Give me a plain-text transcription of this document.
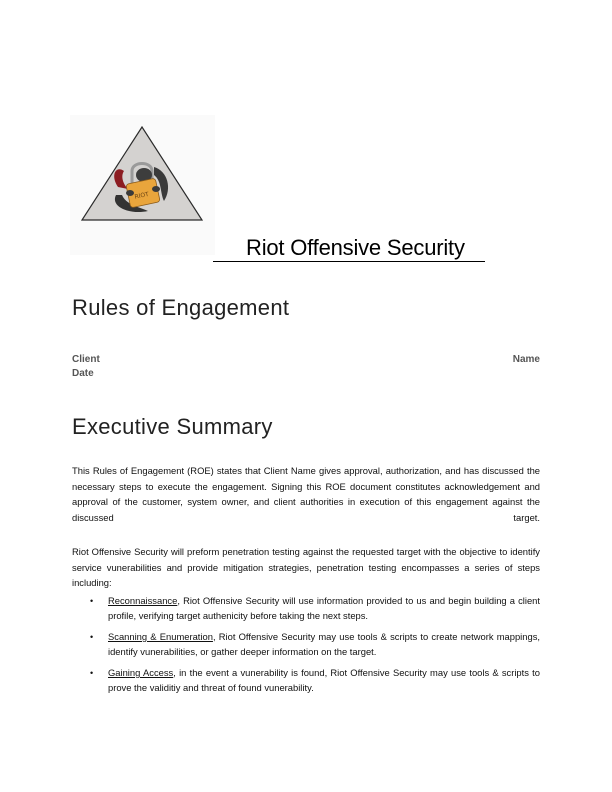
RIOT
Riot Offensive Security
Rules of Engagement
Client	Name
Date
Executive Summary

This Rules of Engagement (ROE) states that Client Name gives approval, authorization, and has discussed the necessary steps to execute the engagement. Signing this ROE document constitutes acknowledgement and approval of the customer, system owner, and client authorities in execution of this engagement against the discussed target.

Riot Offensive Security will preform penetration testing against the requested target with the objective to identify service vunerabilities and provide mitigation strategies, penetration testing encompasses a series of steps including:

• Reconnaissance, Riot Offensive Security will use information provided to us and begin building a client profile, verifying target authenicity before taking the next steps.
• Scanning & Enumeration, Riot Offensive Security may use tools & scripts to create network mappings, identify vunerabilities, or gather deeper information on the target.
• Gaining Access, in the event a vunerability is found, Riot Offensive Security may use tools & scripts to prove the validitiy and threat of found vunerability.
